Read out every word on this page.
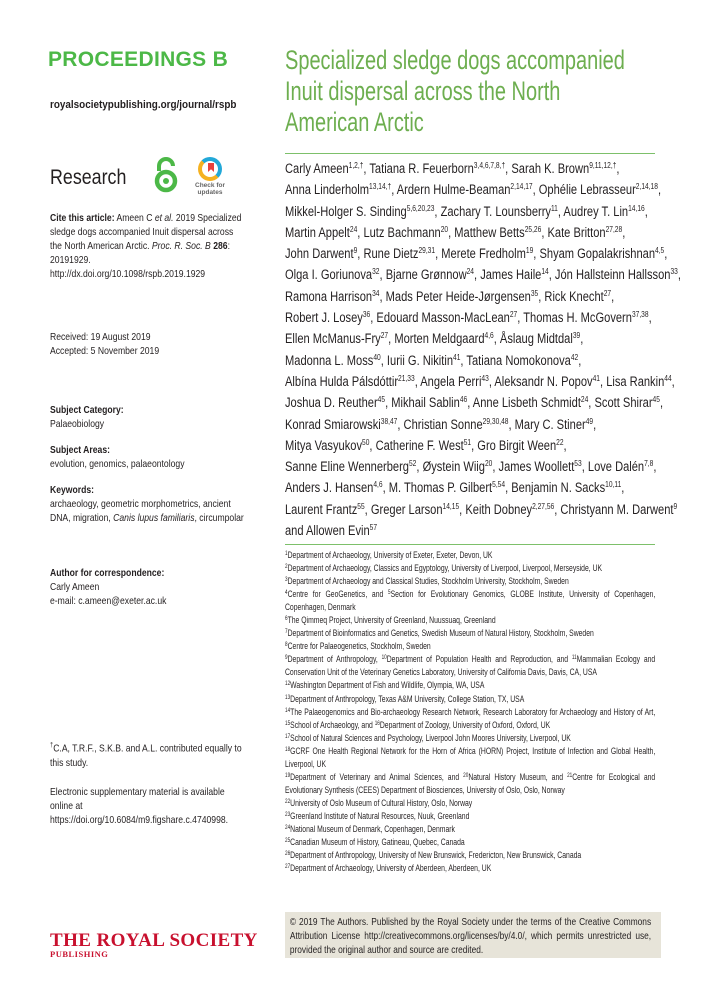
PROCEEDINGS B
royalsocietypublishing.org/journal/rspb
Research	Check for updates
Cite this article: Ameen C et al. 2019 Specialized sledge dogs accompanied Inuit dispersal across the North American Arctic. Proc. R. Soc. B 286: 20191929.
http://dx.doi.org/10.1098/rspb.2019.1929
Received: 19 August 2019
Accepted: 5 November 2019
Subject Category:
Palaeobiology
Subject Areas:
evolution, genomics, palaeontology
Keywords:
archaeology, geometric morphometrics, ancient DNA, migration, Canis lupus familiaris, circumpolar
Author for correspondence:
Carly Ameen
e-mail: c.ameen@exeter.ac.uk
†C.A, T.R.F., S.K.B. and A.L. contributed equally to this study.
Electronic supplementary material is available online at https://doi.org/10.6084/m9.figshare.c.4740998.
THE ROYAL SOCIETY
PUBLISHING
Specialized sledge dogs accompanied Inuit dispersal across the North American Arctic
Carly Ameen$^{1,2,\dagger}$, Tatiana R. Feuerborn$^{3,4,6,7,8,\dagger}$, Sarah K. Brown$^{9,11,12,\dagger}$,
Anna Linderholm$^{13,14,\dagger}$, Ardern Hulme-Beaman$^{2,14,17}$, Ophélie Lebrasseur$^{2,14,18}$,
Mikkel-Holger S. Sinding$^{5,6,20,23}$, Zachary T. Lounsberry$^{11}$, Audrey T. Lin$^{14,16}$,
Martin Appelt$^{24}$, Lutz Bachmann$^{20}$, Matthew Betts$^{25,26}$, Kate Britton$^{27,28}$,
John Darwent$^9$, Rune Dietz$^{29,31}$, Merete Fredholm$^{19}$, Shyam Gopalakrishnan$^{4,5}$,
Olga I. Goriunova$^{32}$, Bjarne Grønnow$^{24}$, James Haile$^{14}$, Jón Hallsteinn Hallsson$^{33}$,
Ramona Harrison$^{34}$, Mads Peter Heide-Jørgensen$^{35}$, Rick Knecht$^{27}$,
Robert J. Losey$^{36}$, Edouard Masson-MacLean$^{27}$, Thomas H. McGovern$^{37,38}$,
Ellen McManus-Fry$^{27}$, Morten Meldgaard$^{4,6}$, Åslaug Midtdal$^{39}$,
Madonna L. Moss$^{40}$, Iurii G. Nikitin$^{41}$, Tatiana Nomokonova$^{42}$,
Albína Hulda Pálsdóttir$^{21,33}$, Angela Perri$^{43}$, Aleksandr N. Popov$^{41}$, Lisa Rankin$^{44}$,
Joshua D. Reuther$^{45}$, Mikhail Sablin$^{46}$, Anne Lisbeth Schmidt$^{24}$, Scott Shirar$^{45}$,
Konrad Smiarowski$^{38,47}$, Christian Sonne$^{29,30,48}$, Mary C. Stiner$^{49}$,
Mitya Vasyukov$^{50}$, Catherine F. West$^{51}$, Gro Birgit Ween$^{22}$,
Sanne Eline Wennerberg$^{52}$, Øystein Wiig$^{20}$, James Woollett$^{53}$, Love Dalén$^{7,8}$,
Anders J. Hansen$^{4,6}$, M. Thomas P. Gilbert$^{5,54}$, Benjamin N. Sacks$^{10,11}$,
Laurent Frantz$^{55}$, Greger Larson$^{14,15}$, Keith Dobney$^{2,27,56}$, Christyann M. Darwent$^9$
and Allowen Evin$^{57}$
$^1$Department of Archaeology, University of Exeter, Exeter, Devon, UK
$^2$Department of Archaeology, Classics and Egyptology, University of Liverpool, Liverpool, Merseyside, UK
$^3$Department of Archaeology and Classical Studies, Stockholm University, Stockholm, Sweden
$^4$Centre for GeoGenetics, and $^5$Section for Evolutionary Genomics, GLOBE Institute, University of Copenhagen, Copenhagen, Denmark
$^6$The Qimmeq Project, University of Greenland, Nuussuaq, Greenland
$^7$Department of Bioinformatics and Genetics, Swedish Museum of Natural History, Stockholm, Sweden
$^8$Centre for Palaeogenetics, Stockholm, Sweden
$^9$Department of Anthropology, $^{10}$Department of Population Health and Reproduction, and $^{11}$Mammalian Ecology and Conservation Unit of the Veterinary Genetics Laboratory, University of California Davis, Davis, CA, USA
$^{12}$Washington Department of Fish and Wildlife, Olympia, WA, USA
$^{13}$Department of Anthropology, Texas A&M University, College Station, TX, USA
$^{14}$The Palaeogenomics and Bio-archaeology Research Network, Research Laboratory for Archaeology and History of Art, $^{15}$School of Archaeology, and $^{16}$Department of Zoology, University of Oxford, Oxford, UK
$^{17}$School of Natural Sciences and Psychology, Liverpool John Moores University, Liverpool, UK
$^{18}$GCRF One Health Regional Network for the Horn of Africa (HORN) Project, Institute of Infection and Global Health, Liverpool, UK
$^{19}$Department of Veterinary and Animal Sciences, and $^{20}$Natural History Museum, and $^{21}$Centre for Ecological and Evolutionary Synthesis (CEES) Department of Biosciences, University of Oslo, Oslo, Norway
$^{22}$University of Oslo Museum of Cultural History, Oslo, Norway
$^{23}$Greenland Institute of Natural Resources, Nuuk, Greenland
$^{24}$National Museum of Denmark, Copenhagen, Denmark
$^{25}$Canadian Museum of History, Gatineau, Quebec, Canada
$^{26}$Department of Anthropology, University of New Brunswick, Fredericton, New Brunswick, Canada
$^{27}$Department of Archaeology, University of Aberdeen, Aberdeen, UK
© 2019 The Authors. Published by the Royal Society under the terms of the Creative Commons Attribution License http://creativecommons.org/licenses/by/4.0/, which permits unrestricted use, provided the original author and source are credited.
